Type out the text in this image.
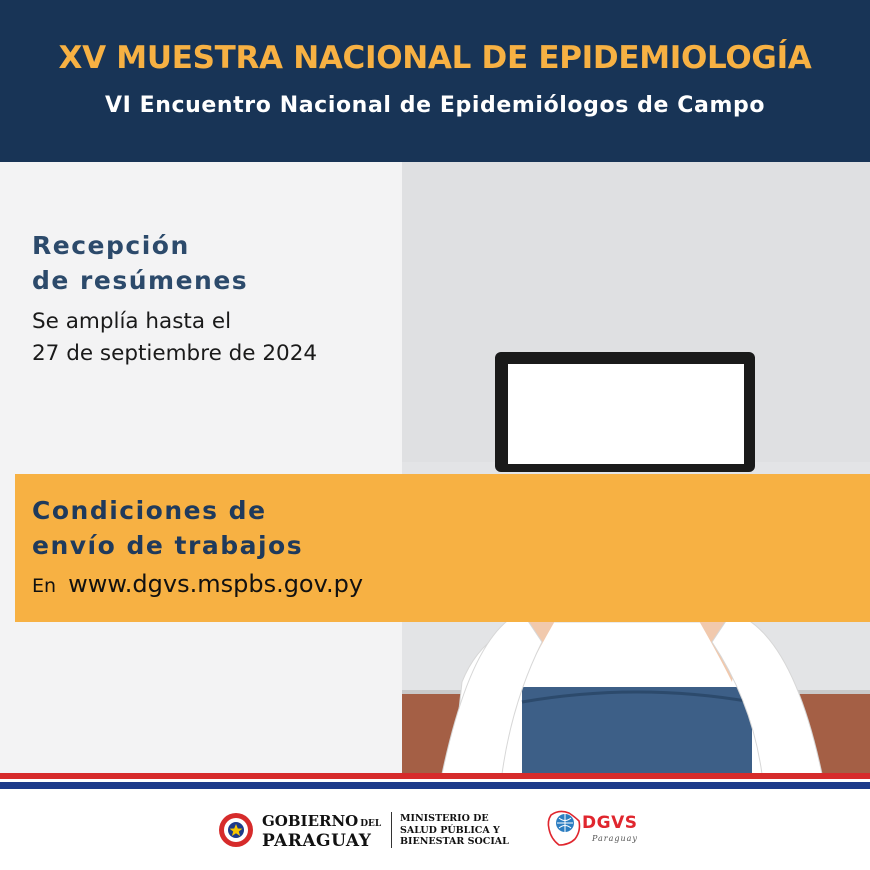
XV MUESTRA NACIONAL DE EPIDEMIOLOGÍA
VI Encuentro Nacional de Epidemiólogos de Campo
Recepción
de resúmenes
Se amplía hasta el
27 de septiembre de 2024
Condiciones de
envío de trabajos
En www.dgvs.mspbs.gov.py
GOBIERNO DEL
PARAGUAY
MINISTERIO DE
SALUD PÚBLICA Y
BIENESTAR SOCIAL
DGVS
Paraguay
